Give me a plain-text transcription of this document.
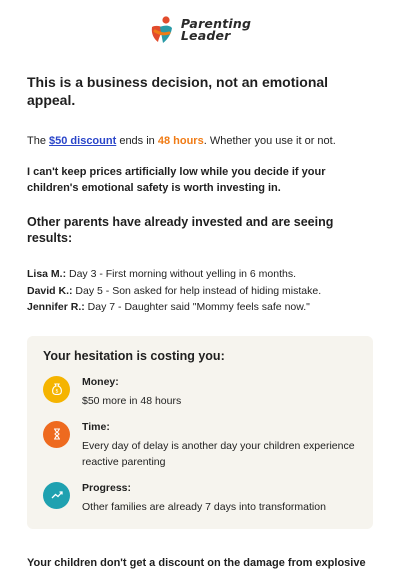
Parenting
Leader
This is a business decision, not an emotional appeal.

The $50 discount ends in 48 hours. Whether you use it or not.

I can't keep prices artificially low while you decide if your children's emotional safety is worth investing in.

Other parents have already invested and are seeing results:
Lisa M.: Day 3 - First morning without yelling in 6 months.
David K.: Day 5 - Son asked for help instead of hiding mistake.
Jennifer R.: Day 7 - Daughter said "Mommy feels safe now."
Your hesitation is costing you:
$
Money:
$50 more in 48 hours
Time:
Every day of delay is another day your children experience reactive parenting
Progress:
Other families are already 7 days into transformation
Your children don't get a discount on the damage from explosive
